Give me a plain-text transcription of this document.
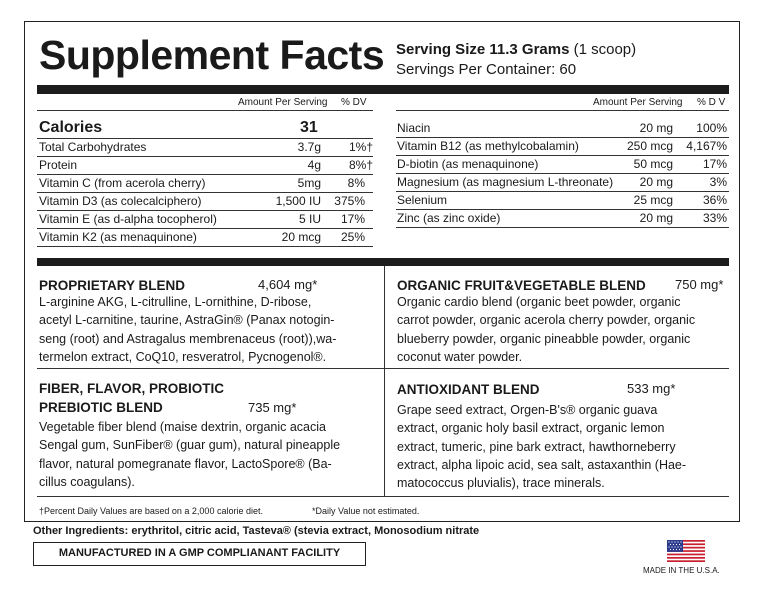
Supplement Facts Serving Size 11.3 Grams (1 scoop)
Servings Per Container: 60
Amount Per Serving % DV	Amount Per Serving % D V
Calories	31
Total Carbohydrates	3.7g 1%†
Protein	4g 8%†
Vitamin C (from acerola cherry)	5mg 8%
Vitamin D3 (as colecalciphero)	1,500 IU 375%
Vitamin E (as d-alpha tocopherol)	5 IU 17%
Vitamin K2 (as menaquinone)	20 mcg 25%
Niacin	20 mg 100%
Vitamin B12 (as methylcobalamin)	250 mcg 4,167%
D-biotin (as menaquinone)	50 mcg 17%
Magnesium (as magnesium L-threonate) 20 mg	3%
Selenium	25 mcg 36%
Zinc (as zinc oxide)	20 mg 33%
PROPRIETARY BLEND	4,604 mg*
L-arginine AKG, L-citrulline, L-ornithine, D-ribose,
acetyl L-carnitine, taurine, AstraGin® (Panax notogin-
seng (root) and Astragalus membrenaceus (root)),wa-
termelon extract, CoQ10, resveratrol, Pycnogenol®.
ORGANIC FRUIT&VEGETABLE BLEND 750 mg*
Organic cardio blend (organic beet powder, organic
carrot powder, organic acerola cherry powder, organic
blueberry powder, organic pineabble powder, organic
coconut water powder.
FIBER, FLAVOR, PROBIOTIC
PREBIOTIC BLEND	735 mg*
Vegetable fiber blend (maise dextrin, organic acacia
Sengal gum, SunFiber® (guar gum), natural pineapple
flavor, natural pomegranate flavor, LactoSpore® (Ba-
cillus coagulans).
ANTIOXIDANT BLEND	533 mg*
Grape seed extract, Orgen-B's® organic guava
extract, organic holy basil extract, organic lemon
extract, tumeric, pine bark extract, hawthorneberry
extract, alpha lipoic acid, sea salt, astaxanthin (Hae-
matococcus pluvialis), trace minerals.
†Percent Daily Values are based on a 2,000 calorie diet.	*Daily Value not estimated.
Other Ingredients: erythritol, citric acid, Tasteva® (stevia extract, Monosodium nitrate
MANUFACTURED IN A GMP COMPLIANANT FACILITY
MADE IN THE U.S.A.
